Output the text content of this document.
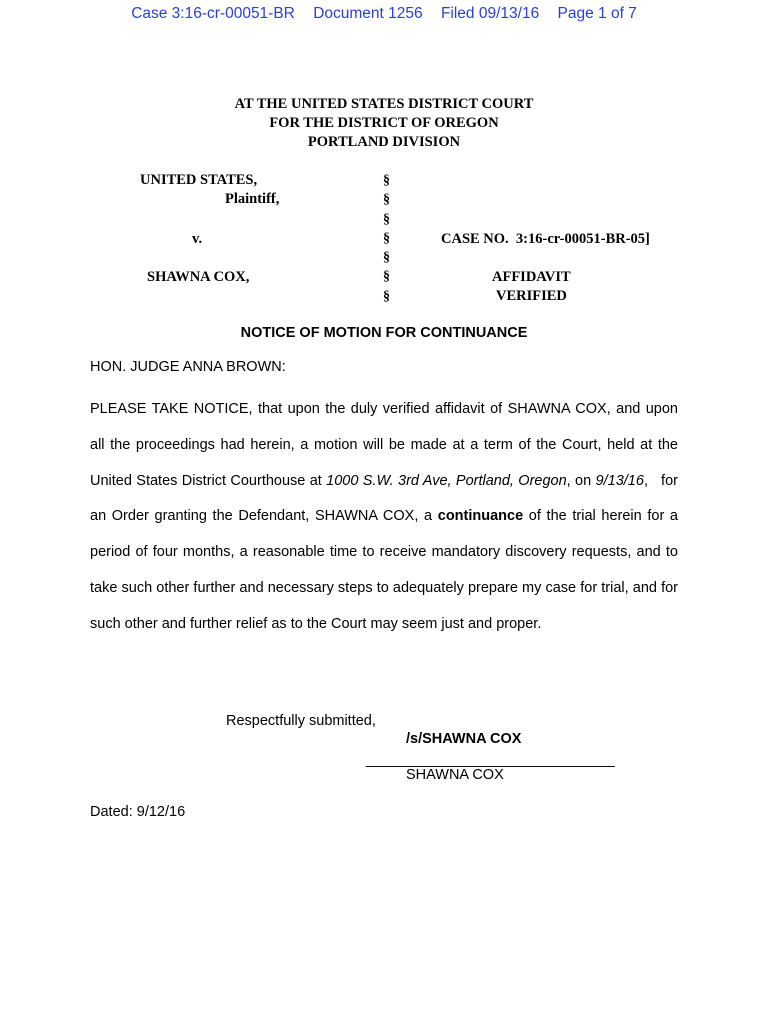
Case 3:16-cr-00051-BR Document 1256 Filed 09/13/16 Page 1 of 7
AT THE UNITED STATES DISTRICT COURT
FOR THE DISTRICT OF OREGON
PORTLAND DIVISION
UNITED STATES,
Plaintiff,
v.
SHAWNA COX,
§
§
§
§
§
§
§
CASE NO.  3:16-cr-00051-BR-05]
AFFIDAVIT
VERIFIED
NOTICE OF MOTION FOR CONTINUANCE
HON. JUDGE ANNA BROWN:
PLEASE TAKE NOTICE, that upon the duly verified affidavit of SHAWNA COX, and upon all the proceedings had herein, a motion will be made at a term of the Court, held at the United States District Courthouse at 1000 S.W. 3rd Ave, Portland, Oregon, on 9/13/16,   for an Order granting the Defendant, SHAWNA COX, a continuance of the trial herein for a period of four months, a reasonable time to receive mandatory discovery requests, and to take such other further and necessary steps to adequately prepare my case for trial, and for such other and further relief as to the Court may seem just and proper.
Respectfully submitted,
/s/SHAWNA COX
________________________________
SHAWNA COX
Dated: 9/12/16
